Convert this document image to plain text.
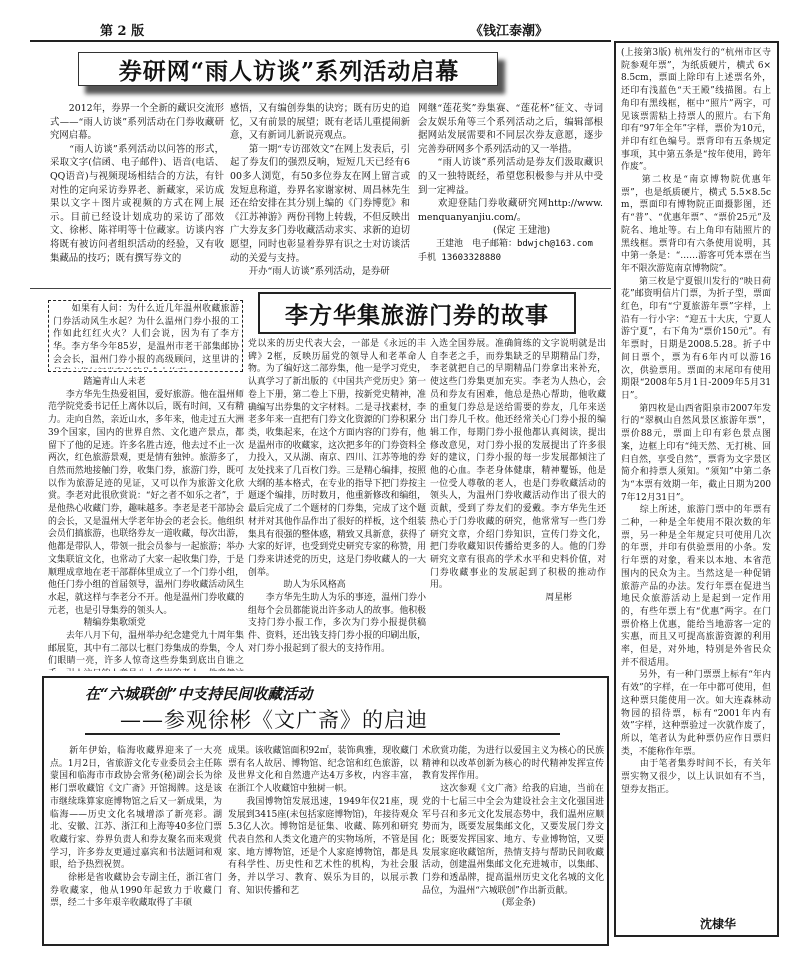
第 2 版	《钱江泰潮》
(上接第3版) 杭州发行的“杭州市区寺院参观年票”，为纸质硬片，横式 6×8.5cm，票面上除印有上述票名外，还印有浅蓝色“天王殿”线描图。右上角印有黑线框，框中“照片”两字，可见该票需粘上持票人的照片。右下角印有“97年全年”字样，票价为10元，并印有红色编号。票背印有五条规定事项，其中第五条是“按年使用，跨年作废”。
　　第二枚是“南京博物院优惠年票”，也是纸质硬片，横式 5.5×8.5cm，票面印有博物院正面摄影图，还有“普”、“优惠年票”、“票价25元”及院名、地址等。右上角印有陆照片的黑线框。票背印有六条使用说明，其中第一条是：“……游客可凭本票在当年不限次游览南京博物院”。
　　第三枚是宁夏银川发行的“映日荷花”邮资明信片门票，为折子型，票面红色，印有“宁夏旅游年票”字样，上沿有一行小字：“迎五十大庆，宁夏人游宁夏”，右下角为“票价150元”。有年票时，日期是2008.5.28。折子中间日票个，票为有6年内可以游16次，供验票用。票面的末尾印有使用期限“2008年5月1日-2009年5月31日”。
　　第四枚是山西省阳泉市2007年发行的“翠枫山自然风景区旅游年票”，票价88元，票面上印有彩色景点图案，边框上印有“纯天然、无打桃、回归自然，享受自然”，票背为文字景区简介和持票人须知。“须知”中第二条为“本票有效期一年，截止日期为2007年12月31日”。
　　综上所述，旅游门票中的年票有二种，一种是全年使用不限次数的年票，另一种是全年规定只可使用几次的年票，并印有供验票用的小条。发行年票的对象，看来以本地、本省范围内的民众为主。当然这是一种促销旅游产品的办法。发行年票在促进当地民众旅游活动上是起到一定作用的，有些年票上有“优惠”两字。在门票价格上优惠，能给当地游客一定的实惠，而且又可提高旅游资源的利用率，但是，对外地，特别是外省民众并不很适用。
　　另外，有一种门票票上标有“年内有效”的字样，在一年中都可使用，但这种票只能使用一次。如大连森林动物园的招待票，标有“2001年内有效”字样，这种票验过一次就作废了，所以，笔者认为此种票仍应作日票归类，不能称作年票。
　　由于笔者集券时间不长，有关年票实物又很少，以上认识如有不当，望券友指正。
沈棣华
券研网“雨人访谈”系列活动启幕
　　2012年，券界一个全新的藏识交流形式——“雨人访谈”系列活动在门券收藏研究网启幕。
　　“雨人访谈”系列活动以问答的形式，采取文字(信函、电子邮件)、语音(电话、QQ语音)与视频现场相结合的方法，有针对性的定向采访券界老、新藏家，采访成果以文字＋图片或视频的方式在网上展示。目前已经设计划成功的采访了邵效文、徐彬、陈祥明等十位藏家。访谈内容将既有被访问者组织活动的经验，又有收集藏品的技巧；既有撰写券文的
感悟，又有编创券集的诀窍；既有历史的追忆，又有前景的展望；既有老话儿重提闹新意，又有新词儿新说亮观点。
　　第一期“专访邵效文”在网上发表后，引起了券友们的强烈反响，短短几天已经有600多人浏览，有50多位券友在网上留言或发短息称道，券界名家谢家树、周昌林先生还在给安排在其分别上编的《门券博览》和《江苏神游》两份刊物上转载，不但反映出广大券友多门券收藏活动求实、求新的迫切愿望，同时也彰显着券界有识之士对访谈活动的关爱与支持。
　　开办“雨人访谈”系列活动，是券研
网继“莲花奖”券集赛、“莲花杯”征文、寺词会友娱乐角等三个系列活动之后，编辑部根据网站发展需要和不同层次券友意愿，逐步完善券研网多个系列活动的又一举措。
　　“雨人访谈”系列活动是券友们汲取藏识的又一独特既经，希望您积极参与并从中受到一定裨益。
　　欢迎登陆门券收藏研究网http://www.menquanyanjiu.com/。
　　　　　　　　(保定 王建池)
　　王建池　电子邮箱：bdwjch@163.com
手机 13603328880
　　如果有人问：为什么近几年温州收藏旅游门券活动风生水起？为什么温州门券小报的工作如此红红火火？人们会说，因为有了李方华。李方华今年85岁，是温州市老干部集邮协会会长，温州门券小报的高级顾问，这里讲的
李方华集旅游门券的故事
　　　　踏遍青山人未老
　　李方华先生热爱祖国，爱好旅游。他在温州师范学院党委书记任上离休以后，既有时间，又有精力。走向自然，亲近山水，多年来，他走过五大洲39个国家，国内的世界自然、文化遗产景点，都留下了他的足迹。许多名胜古迹，他去过不止一次两次，红色旅游景观，更是情有独钟。旅游多了，自然而然地接触门券，收集门券，旅游门券，既可以作为旅游足迹的见证，又可以作为旅游文化欣赏。李老对此很欣赏说：“好之者不如乐之者”，于是他热心收藏门券，趣味越多。李老是老干部协会的会长，又是温州大学老年协会的老会长。他组织会员们搞旅游，也联络券友一道收藏，每次出游，他都是带队人，带领一批会员参与一起旅游；举办文集联谊文化，也常动了大家一起收集门券，于是顺理成章地在老干部群体里成立了一个门券小组，他任门券小组的首届领导，温州门券收藏活动风生水起，就这样与李老分不开。他是温州门券收藏的元老，也是引导集券的领头人。
　　　　精编券集歌颂党
　　去年八月下旬，温州举办纪念建党九十周年集邮展览，其中有二部以七框门券集成的券集，令人们眼睛一亮，许多人惊奇这些券集到底出自谁之
党以来的历史代表大会，一部是《永远的丰碑》2框，反映历届党的领导人和老革命人物。为了编好这二部券集，他一是学习党史，认真学习了新出版的《中国共产党历史》第一卷上下册，第二卷上下册，按新党史精神，准确编写出券集的文字材料。二是寻找素材，李老多年来一直把有门券文化资源的门券积累分类，收集起来，在这个方面内容的门券有，他是温州市的收藏家，这次把多年的门券资料全力投入，又从湖、南京、四川、江苏等地的券友处找来了几百枚门券。三是精心编排，按照大纲的基本格式，在专业的指导下把门券按主题逐个编排，历时数月，他重新修改和编组，最后完成了二个题材的门券集，完成了这个题材并对其他作品作出了很好的样板，这个组装集具有很强的整体感，精致又具新意，获得了大家的好评，也受到党史研究专家的称赞，用门券来讲述党的历史，这是门券收藏人的一大创举。
　　　　助人为乐风格高
　　李方华先生助人为乐的事迹，温州门券小组每个会员都能说出许多动人的故事。他积极支持门券小报工作，多次为门券小报提供稿件、资料，还出钱支持门券小报的印刷出版，对门券小报起到了很大的支持作用。
入选全国券展。准确简练的文字说明就是出自李老之手，而券集缺乏的早期精品门券，李老就把自己的早期精品门券拿出来补充，使这些门券集更加充实。李老为人热心，会员和券友有困难，他总是热心帮助，他收藏的重复门券总是送给需要的券友，几年来送出门券几千枚。他还经常关心门券小报的编辑工作，每期门券小报他都认真阅读，提出修改意见，对门券小报的发展提出了许多很好的建议，门券小报的每一步发展都倾注了他的心血。李老身体健康，精神矍铄，他是一位受人尊敬的老人，也是门券收藏活动的领头人，为温州门券收藏活动作出了很大的贡献，受到了券友们的爱戴。李方华先生还热心于门券收藏的研究，他常常写一些门券研究文章，介绍门券知识，宣传门券文化，把门券收藏知识传播给更多的人。他的门券研究文章有很高的学术水平和史料价值，对门券收藏事业的发展起到了积极的推动作用。
　　　　　　　　　　　　　周星彬
在“六城联创”中支持民间收藏活动
——参观徐彬《文广斋》的启迪
　　新年伊始，临海收藏界迎来了一大亮点。1月2日，省旅游文化专业委员会主任陈蒙国和临海市市政协会常务(秘)副会长为徐彬门票收藏馆《文广斋》开馆揭牌。这是该市继续珠算家庭博物馆之后又一新成果，为临海——历史文化名城增添了新亮彩。湖北、安徽、江苏、浙江和上海等40多位门票收藏行家、券界负责人和券友聚名而来观赏学习，许多券友更通过嘉宾和书法题词和观眼，给予热烈祝贺。
　　徐彬是省收藏协会专副主任，浙江省门券收藏家，他从1990年起致力于收藏门票，经二十多年艰辛收藏取得了丰硕
成果。该收藏馆面积92㎡，装饰典雅，现收藏门票有名人故居、博物馆、纪念馆和红色旅游，以及世界文化和自然遗产达4万多枚，内容丰富，在浙江个人收藏馆中独树一帜。
　　我国博物馆发展迅速，1949年仅21座，现发展到3415座(未包括家庭博物馆)，年接待观众5.3亿人次。博物馆是征集、收藏、陈列和研究代表自然和人类文化遗产的实物场所，不管是国家、地方博物馆，还是个人家庭博物馆，都是具有科学性、历史性和艺术性的机构，为社会服务，并以学习、教育、娱乐为目的，以展示教育、知识传播和艺
术欣赏功能，为进行以爱国主义为核心的民族精神和以改革创新为核心的时代精神发挥宣传教育发挥作用。
　　这次参观《文广斋》给我的启迪，当前在党的十七届三中全会为建设社会主文化强国进军号召和多元文化发展态势中，我们温州应顺势而为，既要发展集邮文化，又要发展门券文化；既要发挥国家、地方、专业博物馆，又要发展家庭收藏馆所，热情支持与帮助民间收藏活动，创建温州集邮文化充进城市，以集邮、门券和透晶牌，提高温州历史文化名城的文化品位，为温州“六城联创”作出新贡献。
　　　　　　　　　(郑金条)
